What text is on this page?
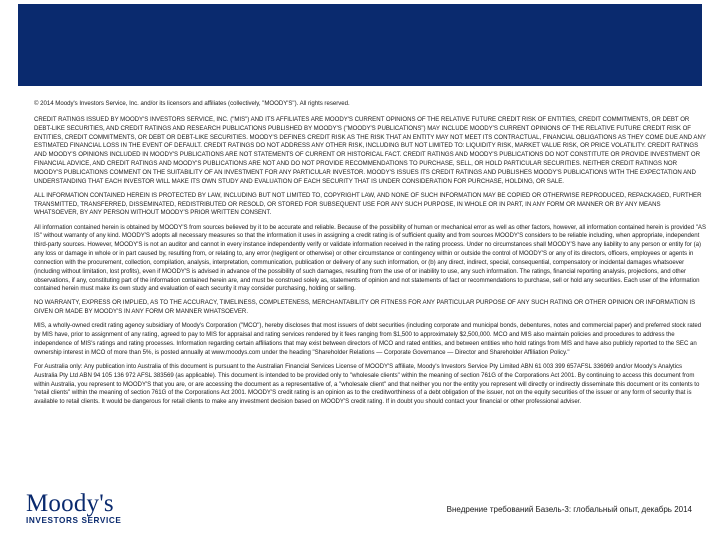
© 2014 Moody's Investors Service, Inc. and/or its licensors and affiliates (collectively, "MOODY'S"). All rights reserved.

CREDIT RATINGS ISSUED BY MOODY'S INVESTORS SERVICE, INC. ("MIS") AND ITS AFFILIATES ARE MOODY'S CURRENT OPINIONS OF THE RELATIVE FUTURE CREDIT RISK OF ENTITIES, CREDIT COMMITMENTS, OR DEBT OR DEBT-LIKE SECURITIES, AND CREDIT RATINGS AND RESEARCH PUBLICATIONS PUBLISHED BY MOODY'S ("MOODY'S PUBLICATIONS") MAY INCLUDE MOODY'S CURRENT OPINIONS OF THE RELATIVE FUTURE CREDIT RISK OF ENTITIES, CREDIT COMMITMENTS, OR DEBT OR DEBT-LIKE SECURITIES. MOODY'S DEFINES CREDIT RISK AS THE RISK THAT AN ENTITY MAY NOT MEET ITS CONTRACTUAL, FINANCIAL OBLIGATIONS AS THEY COME DUE AND ANY ESTIMATED FINANCIAL LOSS IN THE EVENT OF DEFAULT. CREDIT RATINGS DO NOT ADDRESS ANY OTHER RISK, INCLUDING BUT NOT LIMITED TO: LIQUIDITY RISK, MARKET VALUE RISK, OR PRICE VOLATILITY. CREDIT RATINGS AND MOODY'S OPINIONS INCLUDED IN MOODY'S PUBLICATIONS ARE NOT STATEMENTS OF CURRENT OR HISTORICAL FACT. CREDIT RATINGS AND MOODY'S PUBLICATIONS DO NOT CONSTITUTE OR PROVIDE INVESTMENT OR FINANCIAL ADVICE, AND CREDIT RATINGS AND MOODY'S PUBLICATIONS ARE NOT AND DO NOT PROVIDE RECOMMENDATIONS TO PURCHASE, SELL, OR HOLD PARTICULAR SECURITIES. NEITHER CREDIT RATINGS NOR MOODY'S PUBLICATIONS COMMENT ON THE SUITABILITY OF AN INVESTMENT FOR ANY PARTICULAR INVESTOR. MOODY'S ISSUES ITS CREDIT RATINGS AND PUBLISHES MOODY'S PUBLICATIONS WITH THE EXPECTATION AND UNDERSTANDING THAT EACH INVESTOR WILL MAKE ITS OWN STUDY AND EVALUATION OF EACH SECURITY THAT IS UNDER CONSIDERATION FOR PURCHASE, HOLDING, OR SALE.

ALL INFORMATION CONTAINED HEREIN IS PROTECTED BY LAW, INCLUDING BUT NOT LIMITED TO, COPYRIGHT LAW, AND NONE OF SUCH INFORMATION MAY BE COPIED OR OTHERWISE REPRODUCED, REPACKAGED, FURTHER TRANSMITTED, TRANSFERRED, DISSEMINATED, REDISTRIBUTED OR RESOLD, OR STORED FOR SUBSEQUENT USE FOR ANY SUCH PURPOSE, IN WHOLE OR IN PART, IN ANY FORM OR MANNER OR BY ANY MEANS WHATSOEVER, BY ANY PERSON WITHOUT MOODY'S PRIOR WRITTEN CONSENT.

All information contained herein is obtained by MOODY'S from sources believed by it to be accurate and reliable. Because of the possibility of human or mechanical error as well as other factors, however, all information contained herein is provided "AS IS" without warranty of any kind. MOODY'S adopts all necessary measures so that the information it uses in assigning a credit rating is of sufficient quality and from sources MOODY'S considers to be reliable including, when appropriate, independent third-party sources. However, MOODY'S is not an auditor and cannot in every instance independently verify or validate information received in the rating process. Under no circumstances shall MOODY'S have any liability to any person or entity for (a) any loss or damage in whole or in part caused by, resulting from, or relating to, any error (negligent or otherwise) or other circumstance or contingency within or outside the control of MOODY'S or any of its directors, officers, employees or agents in connection with the procurement, collection, compilation, analysis, interpretation, communication, publication or delivery of any such information, or (b) any direct, indirect, special, consequential, compensatory or incidental damages whatsoever (including without limitation, lost profits), even if MOODY'S is advised in advance of the possibility of such damages, resulting from the use of or inability to use, any such information. The ratings, financial reporting analysis, projections, and other observations, if any, constituting part of the information contained herein are, and must be construed solely as, statements of opinion and not statements of fact or recommendations to purchase, sell or hold any securities. Each user of the information contained herein must make its own study and evaluation of each security it may consider purchasing, holding or selling.

NO WARRANTY, EXPRESS OR IMPLIED, AS TO THE ACCURACY, TIMELINESS, COMPLETENESS, MERCHANTABILITY OR FITNESS FOR ANY PARTICULAR PURPOSE OF ANY SUCH RATING OR OTHER OPINION OR INFORMATION IS GIVEN OR MADE BY MOODY'S IN ANY FORM OR MANNER WHATSOEVER.

MIS, a wholly-owned credit rating agency subsidiary of Moody's Corporation ("MCO"), hereby discloses that most issuers of debt securities (including corporate and municipal bonds, debentures, notes and commercial paper) and preferred stock rated by MIS have, prior to assignment of any rating, agreed to pay to MIS for appraisal and rating services rendered by it fees ranging from $1,500 to approximately $2,500,000. MCO and MIS also maintain policies and procedures to address the independence of MIS's ratings and rating processes. Information regarding certain affiliations that may exist between directors of MCO and rated entities, and between entities who hold ratings from MIS and have also publicly reported to the SEC an ownership interest in MCO of more than 5%, is posted annually at www.moodys.com under the heading "Shareholder Relations — Corporate Governance — Director and Shareholder Affiliation Policy."

For Australia only: Any publication into Australia of this document is pursuant to the Australian Financial Services License of MOODY'S affiliate, Moody's Investors Service Pty Limited ABN 61 003 399 657AFSL 336969 and/or Moody's Analytics Australia Pty Ltd ABN 94 105 136 972 AFSL 383569 (as applicable). This document is intended to be provided only to "wholesale clients" within the meaning of section 761G of the Corporations Act 2001. By continuing to access this document from within Australia, you represent to MOODY'S that you are, or are accessing the document as a representative of, a "wholesale client" and that neither you nor the entity you represent will directly or indirectly disseminate this document or its contents to "retail clients" within the meaning of section 761G of the Corporations Act 2001. MOODY'S credit rating is an opinion as to the creditworthiness of a debt obligation of the issuer, not on the equity securities of the issuer or any form of security that is available to retail clients. It would be dangerous for retail clients to make any investment decision based on MOODY'S credit rating. If in doubt you should contact your financial or other professional adviser.

Moody's
INVESTORS SERVICE
Внедрение требований Базель-3: глобальный опыт, декабрь 2014
